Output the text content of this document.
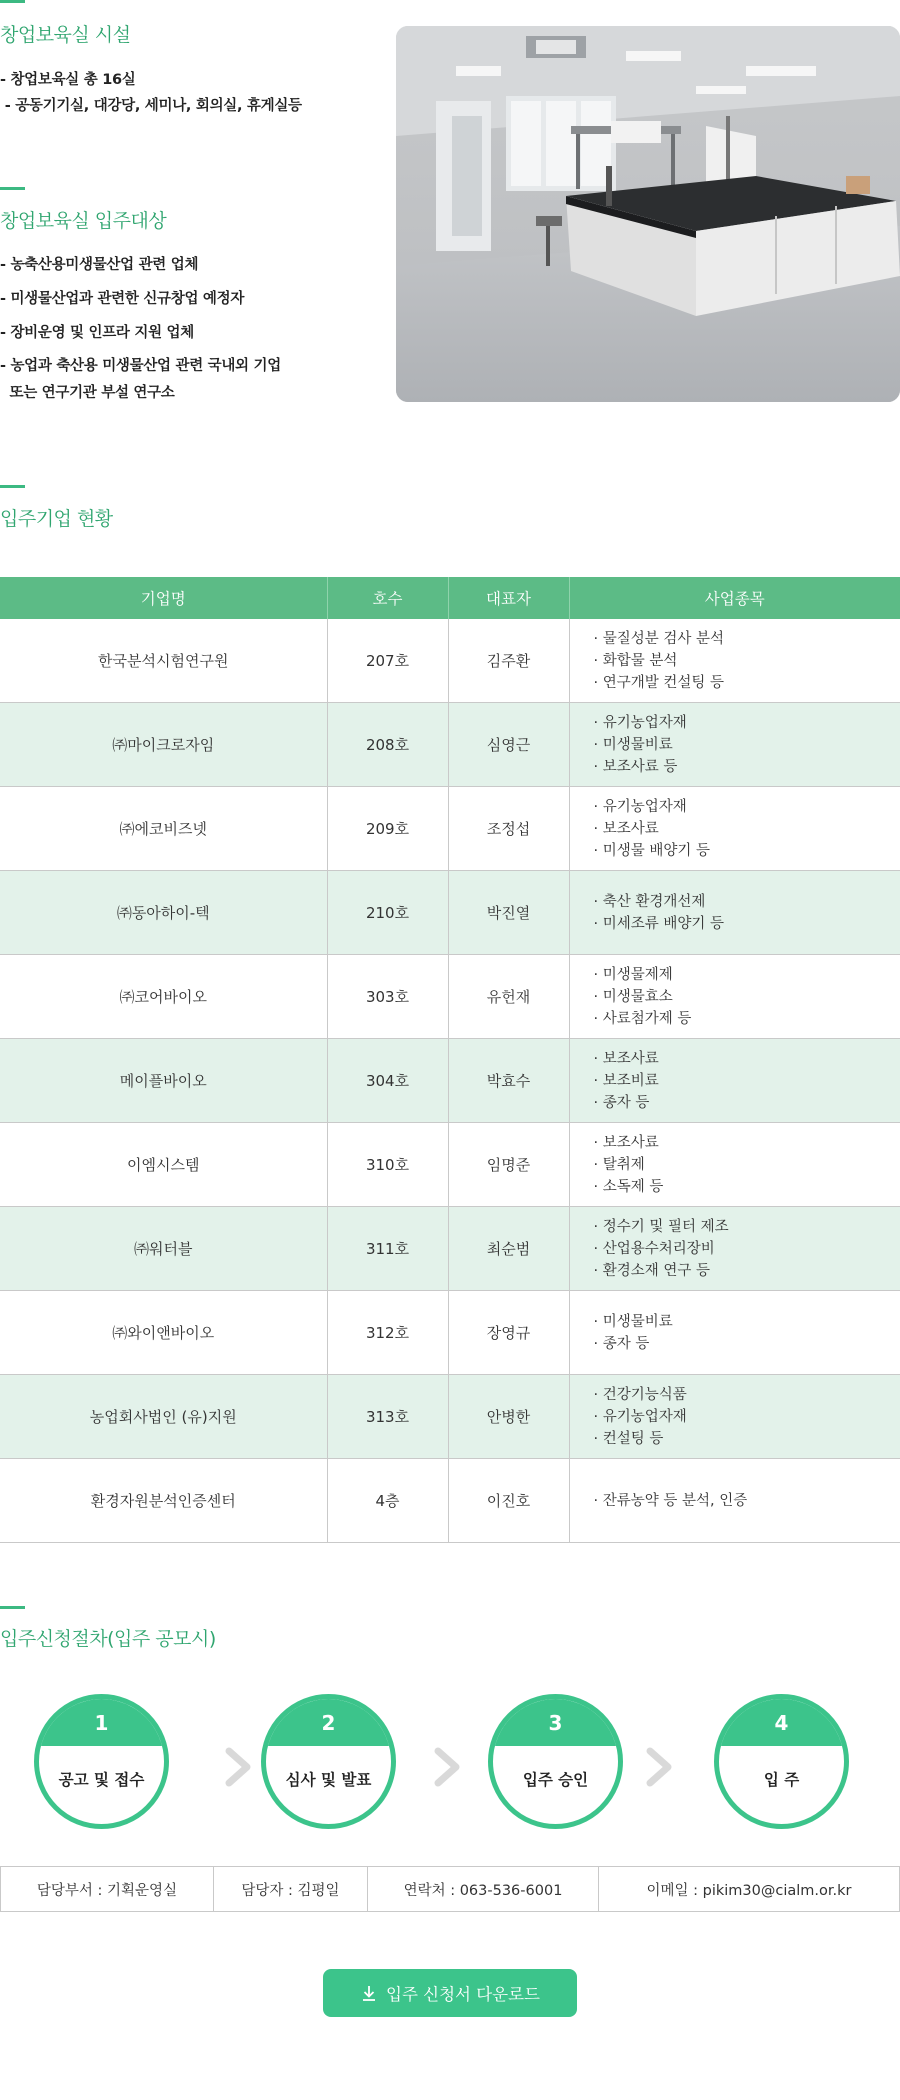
창업보육실 시설
- 창업보육실 총 16실
- 공동기기실, 대강당, 세미나, 회의실, 휴게실등
창업보육실 입주대상
- 농축산용미생물산업 관련 업체
- 미생물산업과 관련한 신규창업 예정자
- 장비운영 및 인프라 지원 업체
- 농업과 축산용 미생물산업 관련 국내외 기업
또는 연구기관 부설 연구소
입주기업 현황
기업명	호수	대표자	사업종목
한국분석시험연구원	207호	김주환	· 물질성분 검사 분석
· 화합물 분석
· 연구개발 컨설팅 등

㈜마이크로자임	208호	심영근	· 유기농업자재
· 미생물비료
· 보조사료 등

㈜에코비즈넷	209호	조정섭	· 유기농업자재
· 보조사료
· 미생물 배양기 등

㈜동아하이-텍	210호	박진열	· 축산 환경개선제
· 미세조류 배양기 등

㈜코어바이오	303호	유헌재	· 미생물제제
· 미생물효소
· 사료첨가제 등

메이플바이오	304호	박효수	· 보조사료
· 보조비료
· 종자 등

이엠시스템	310호	임명준	· 보조사료
· 탈취제
· 소독제 등

㈜워터블	311호	최순범	· 정수기 및 필터 제조
· 산업용수처리장비
· 환경소재 연구 등

㈜와이앤바이오	312호	장영규	· 미생물비료
· 종자 등

농업회사법인 (유)지원	313호	안병한	· 건강기능식품
· 유기농업자재
· 컨설팅 등

환경자원분석인증센터	4층	이진호	· 잔류농약 등 분석, 인증
입주신청절차(입주 공모시)
1
공고 및 접수
2
심사 및 발표
3
입주 승인
4
입 주
담당부서 : 기획운영실	담당자 : 김평일	연락처 : 063-536-6001	이메일 : pikim30@cialm.or.kr
입주 신청서 다운로드
